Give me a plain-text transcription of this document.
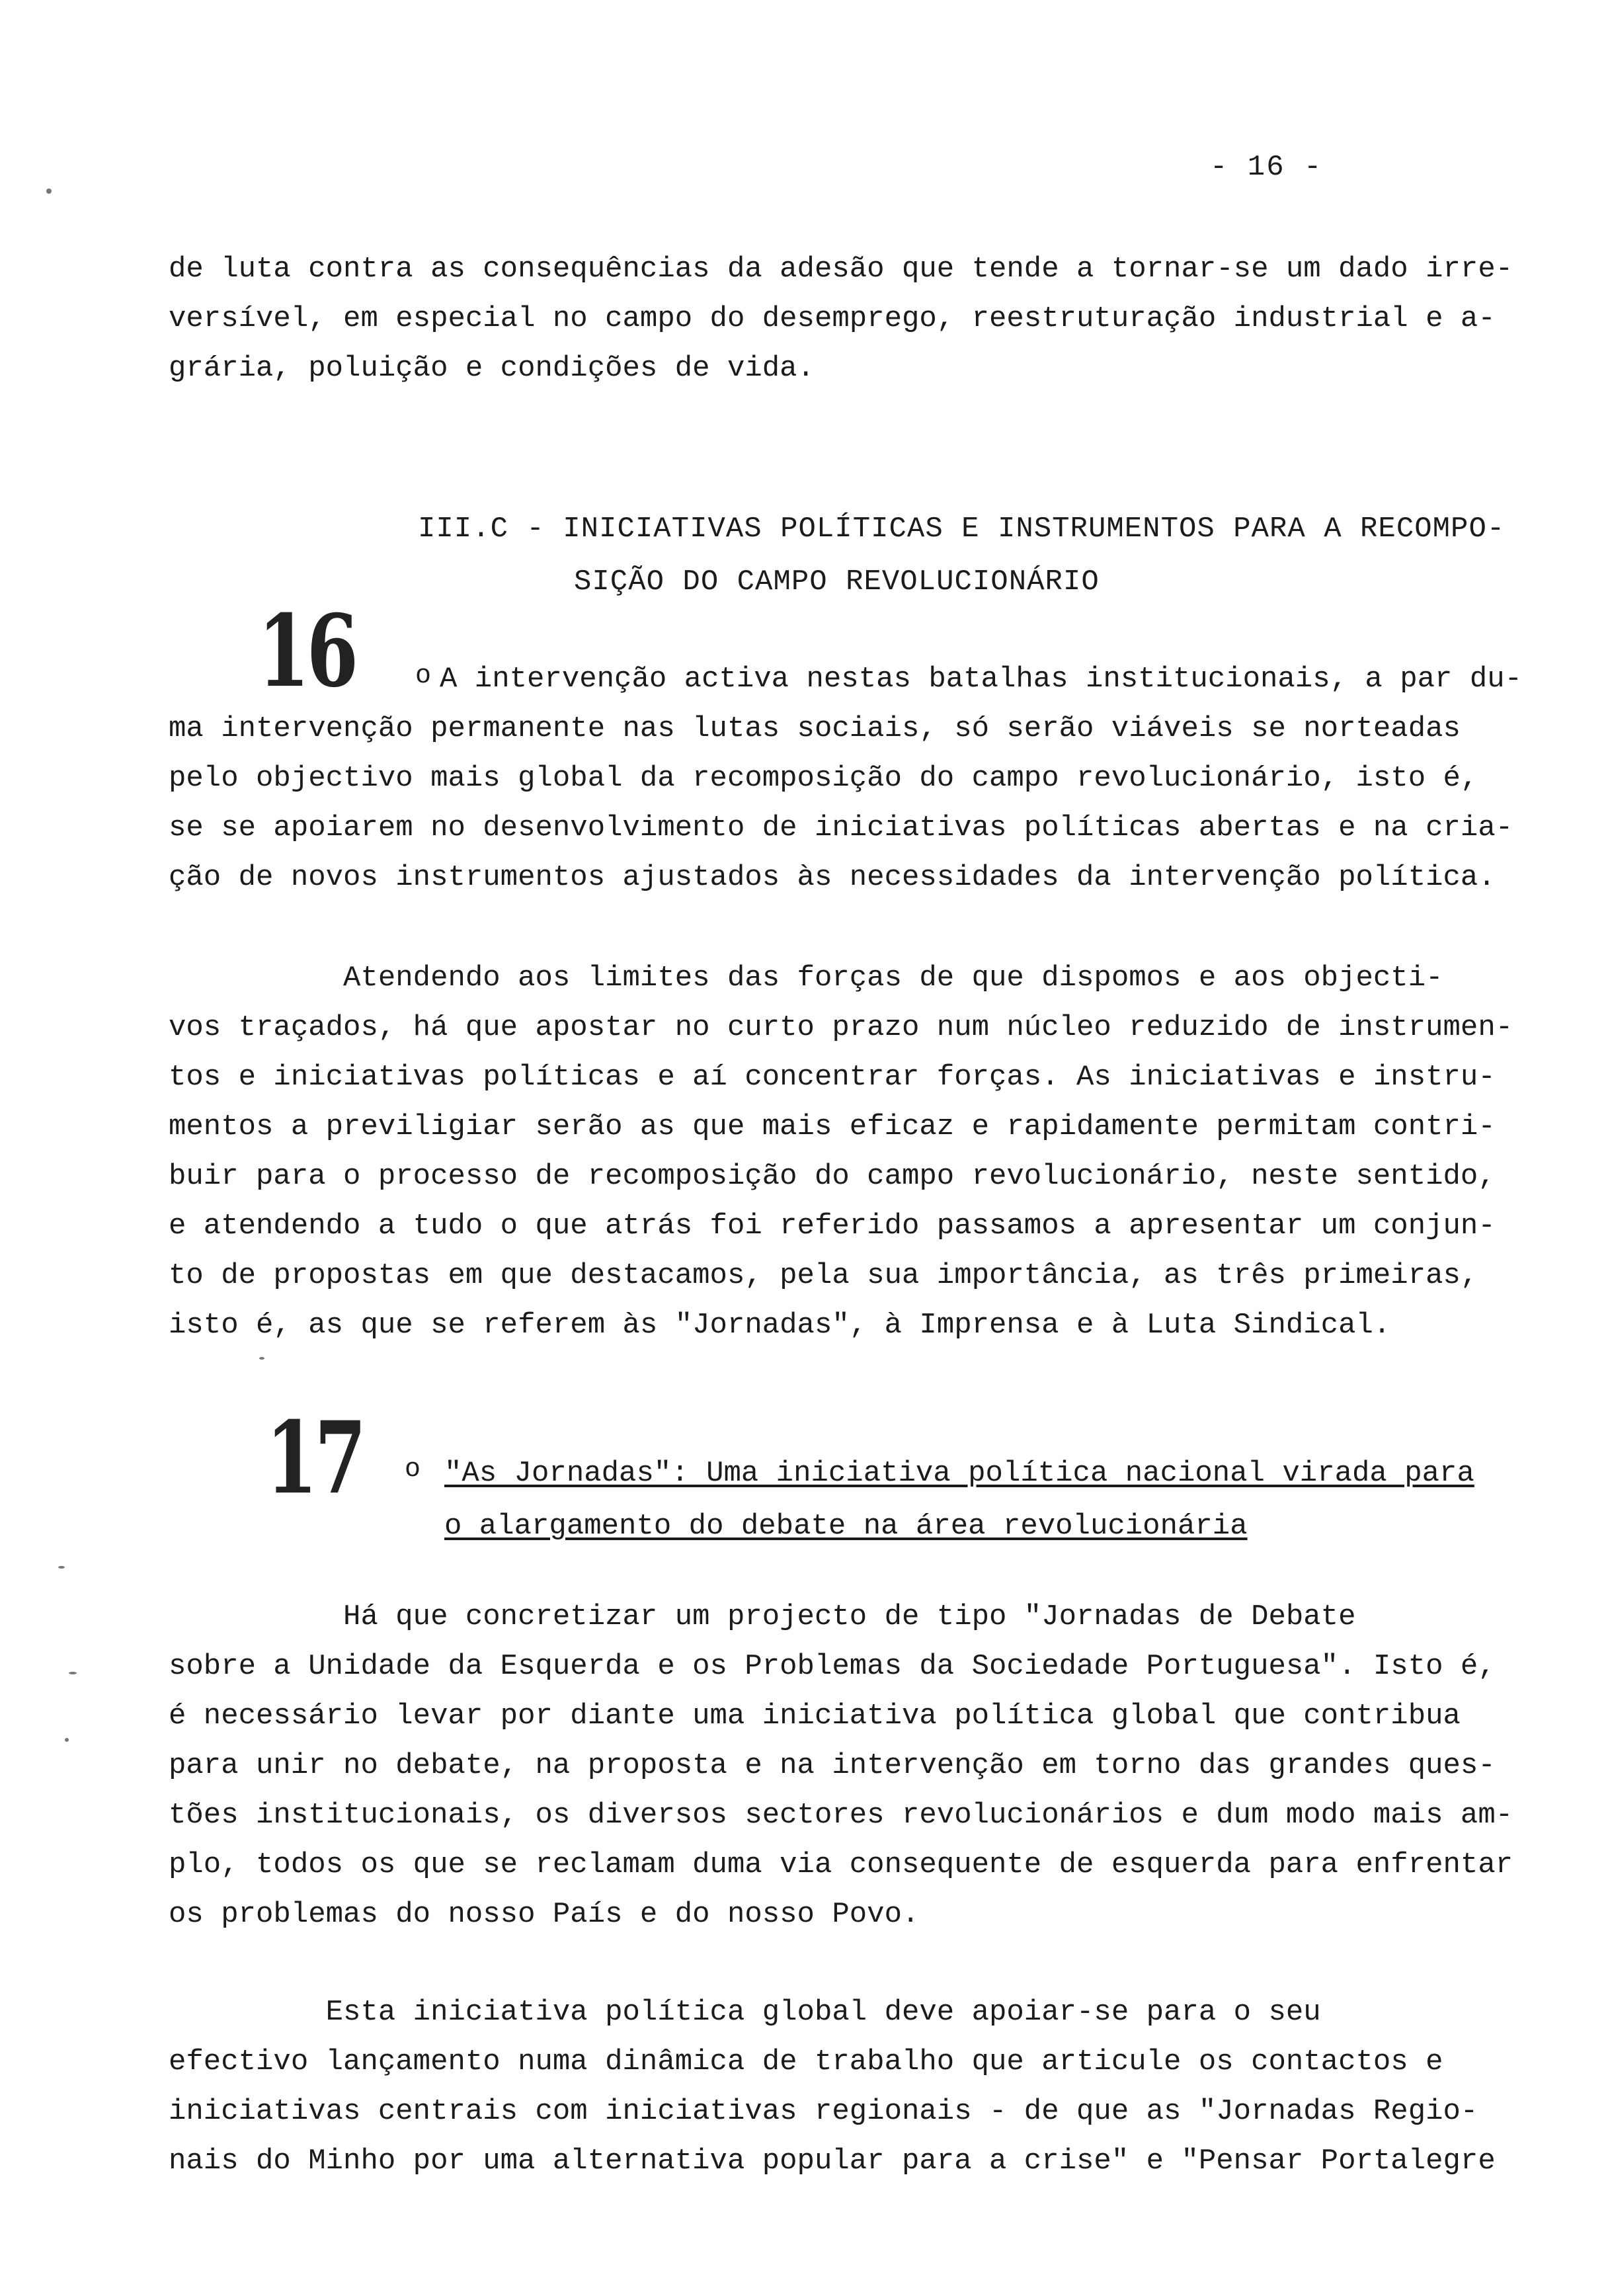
- 16 -
de luta contra as consequências da adesão que tende a tornar-se um dado irre-
versível, em especial no campo do desemprego, reestruturação industrial e a-
grária, poluição e condições de vida.
III.C - INICIATIVAS POLÍTICAS E INSTRUMENTOS PARA A RECOMPO-
SIÇÃO DO CAMPO REVOLUCIONÁRIO
16 o A intervenção activa nestas batalhas institucionais, a par du-
ma intervenção permanente nas lutas sociais, só serão viáveis se norteadas
pelo objectivo mais global da recomposição do campo revolucionário, isto é,
se se apoiarem no desenvolvimento de iniciativas políticas abertas e na cria-
ção de novos instrumentos ajustados às necessidades da intervenção política.
Atendendo aos limites das forças de que dispomos e aos objecti-
vos traçados, há que apostar no curto prazo num núcleo reduzido de instrumen-
tos e iniciativas políticas e aí concentrar forças. As iniciativas e instru-
mentos a previligiar serão as que mais eficaz e rapidamente permitam contri-
buir para o processo de recomposição do campo revolucionário, neste sentido,
e atendendo a tudo o que atrás foi referido passamos a apresentar um conjun-
to de propostas em que destacamos, pela sua importância, as três primeiras,
isto é, as que se referem às "Jornadas", à Imprensa e à Luta Sindical.
17 o "As Jornadas": Uma iniciativa política nacional virada para
o alargamento do debate na área revolucionária
Há que concretizar um projecto de tipo "Jornadas de Debate
sobre a Unidade da Esquerda e os Problemas da Sociedade Portuguesa". Isto é,
é necessário levar por diante uma iniciativa política global que contribua
para unir no debate, na proposta e na intervenção em torno das grandes ques-
tões institucionais, os diversos sectores revolucionários e dum modo mais am-
plo, todos os que se reclamam duma via consequente de esquerda para enfrentar
os problemas do nosso País e do nosso Povo.
Esta iniciativa política global deve apoiar-se para o seu
efectivo lançamento numa dinâmica de trabalho que articule os contactos e
iniciativas centrais com iniciativas regionais - de que as "Jornadas Regio-
nais do Minho por uma alternativa popular para a crise" e "Pensar Portalegre
